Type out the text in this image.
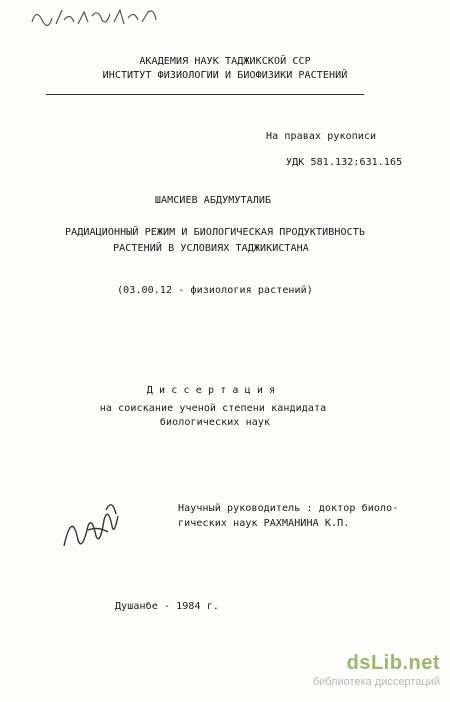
АКАДЕМИЯ НАУК ТАДЖИКСКОЙ ССР
ИНСТИТУТ ФИЗИОЛОГИИ И БИОФИЗИКИ РАСТЕНИЙ
На правах рукописи
УДК 581.132:631.165
ШАМСИЕВ АБДУМУТАЛИБ
РАДИАЦИОННЫЙ РЕЖИМ И БИОЛОГИЧЕСКАЯ ПРОДУКТИВНОСТЬ
РАСТЕНИЙ В УСЛОВИЯХ ТАДЖИКИСТАНА
(03.00.12 - физиология растений)
Д и с с е р т а ц и я
на соискание ученой степени кандидата
биологических наук
Научный руководитель : доктор биоло-
гических наук РАХМАНИНА К.П.
Душанбе - 1984 г.
dsLib.net
библиотека диссертаций
